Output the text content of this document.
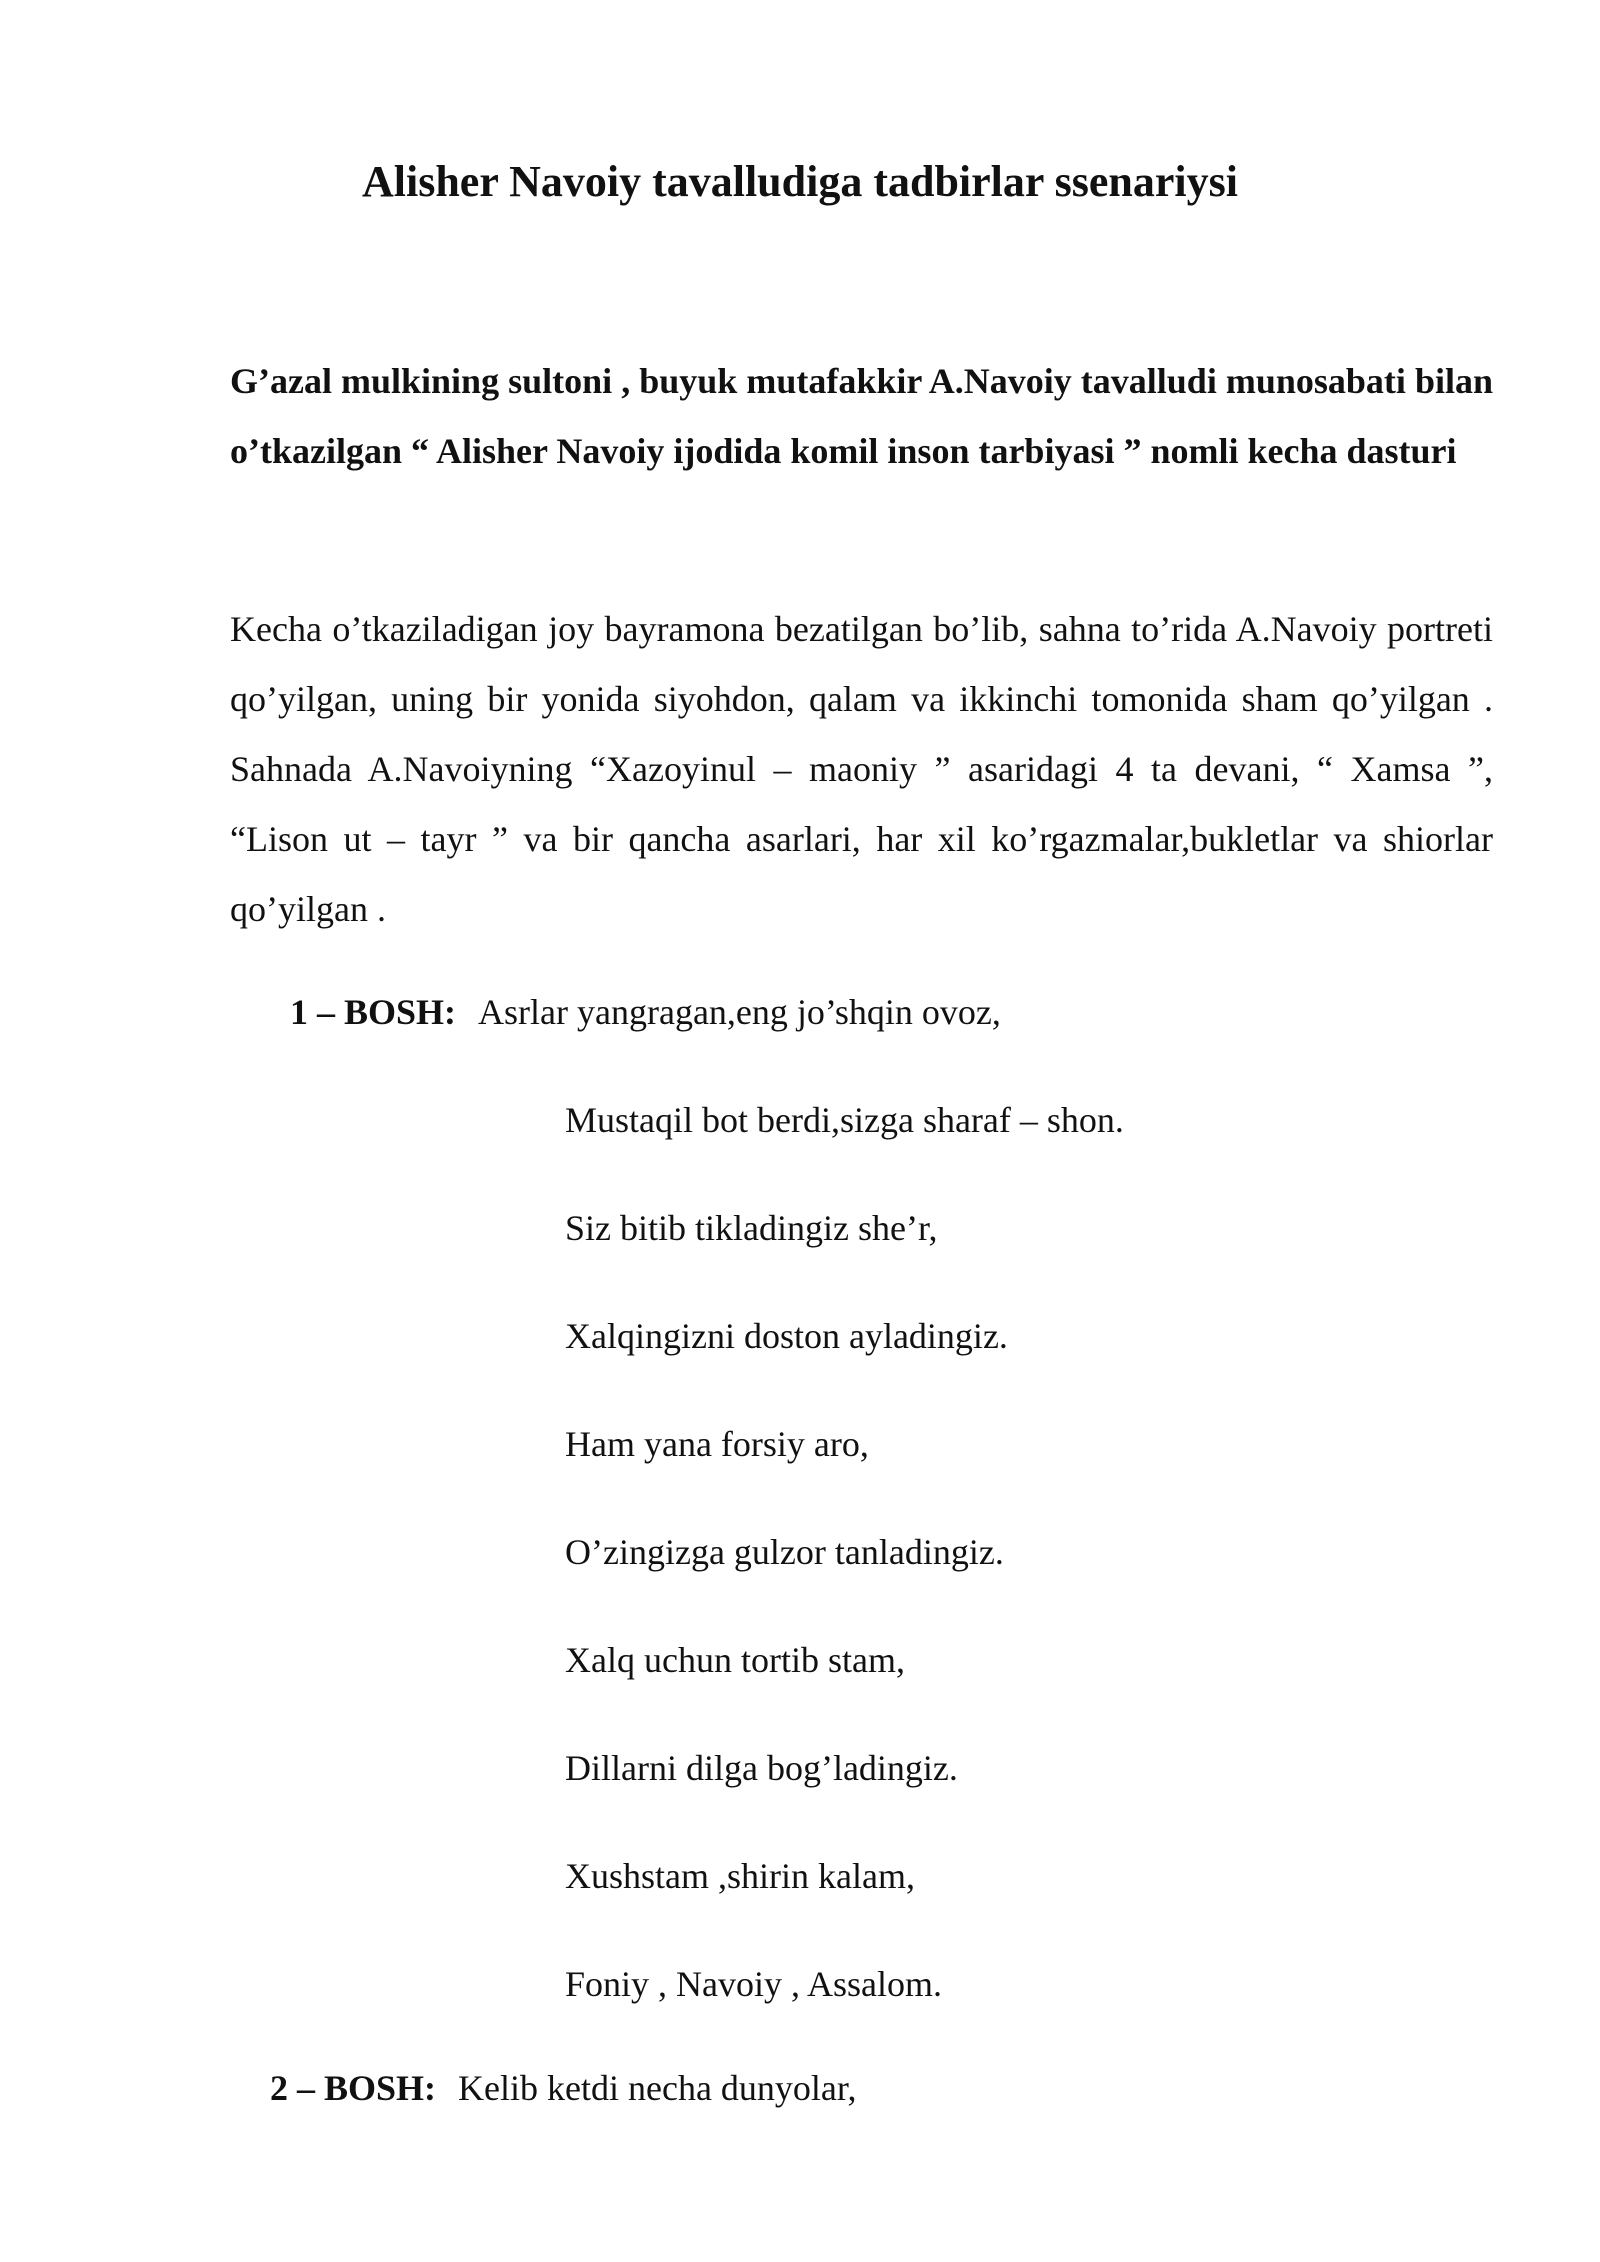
Alisher Navoiy tavalludiga tadbirlar ssenariysi

G’azal mulkining sultoni , buyuk mutafakkir A.Navoiy tavalludi munosabati bilan o’tkazilgan “ Alisher Navoiy ijodida komil inson tarbiyasi ” nomli kecha dasturi

Kecha o’tkaziladigan joy bayramona bezatilgan bo’lib, sahna to’rida A.Navoiy portreti qo’yilgan, uning bir yonida siyohdon, qalam va ikkinchi tomonida sham qo’yilgan . Sahnada A.Navoiyning “Xazoyinul – maoniy ” asaridagi 4 ta devani, “ Xamsa ”, “Lison ut – tayr ” va bir qancha asarlari, har xil ko’rgazmalar,bukletlar va shiorlar qo’yilgan .

1 – BOSH: Asrlar yangragan,eng jo’shqin ovoz,

Mustaqil bot berdi,sizga sharaf – shon.
Siz bitib tikladingiz she’r,
Xalqingizni doston ayladingiz.
Ham yana forsiy aro,
O’zingizga gulzor tanladingiz.
Xalq uchun tortib stam,
Dillarni dilga bog’ladingiz.
Xushstam ,shirin kalam,
Foniy , Navoiy , Assalom.

2 – BOSH: Kelib ketdi necha dunyolar,
